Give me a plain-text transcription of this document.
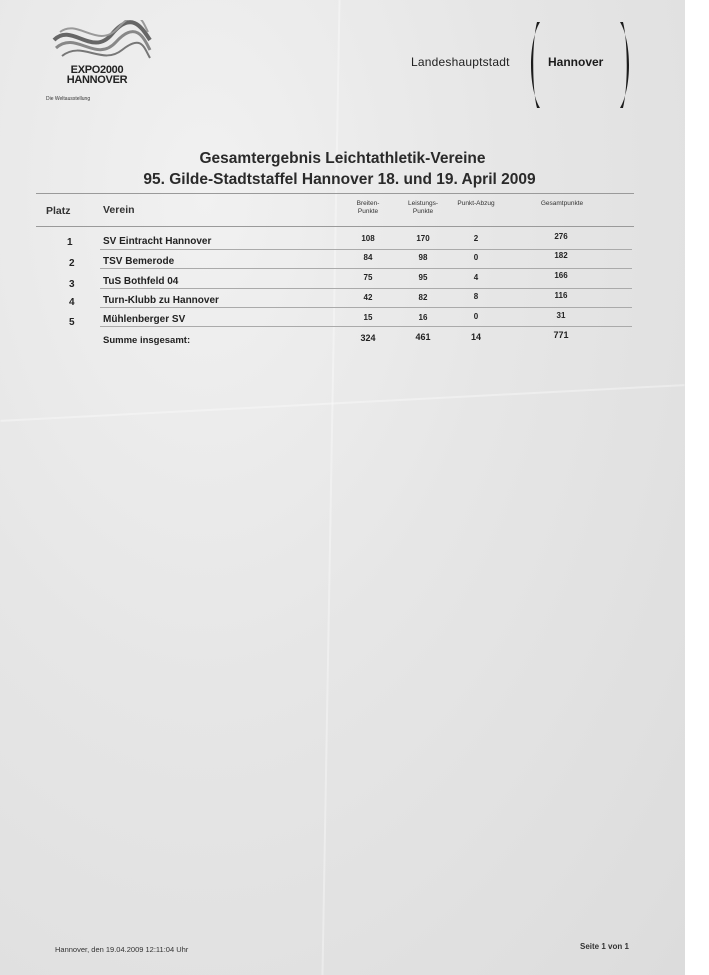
EXPO2000
HANNOVER
Die Weltausstellung
Landeshauptstadt	Hannover
Gesamtergebnis Leichtathletik-Vereine
95. Gilde-Stadtstaffel Hannover 18. und 19. April 2009
Platz	Verein
Breiten-
Punkte
Leistungs-
Punkte
Punkt-Abzug	Gesamtpunkte
1	SV Eintracht Hannover	108	170	2	276
2	TSV Bemerode	84	98	0	182
3	TuS Bothfeld 04	75	95	4	166
4	Turn-Klubb zu Hannover	42	82	8	116
5	Mühlenberger SV	15	16	0	31
Summe insgesamt:	324	461	14	771
Hannover, den 19.04.2009 12:11:04 Uhr	Seite 1 von 1
